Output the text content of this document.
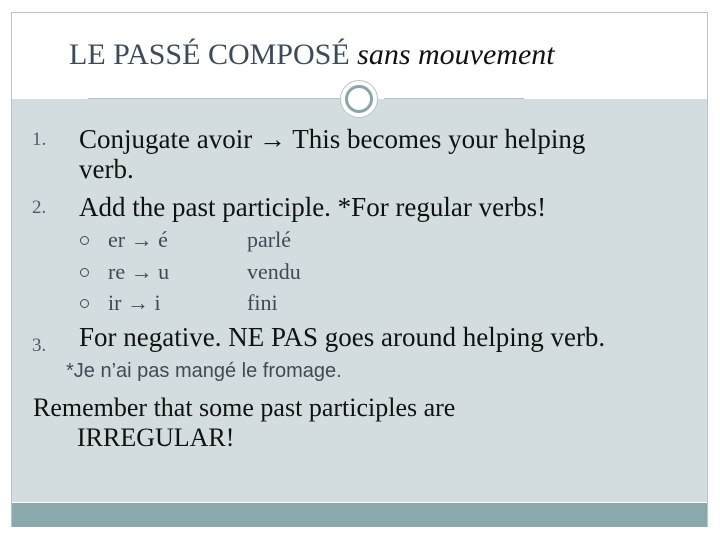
LE PASSÉ COMPOSÉ sans mouvement
1. Conjugate avoir → This becomes your helping
verb.
2. Add the past participle. *For regular verbs!
er → é	parlé
re → u	vendu
ir → i	fini
3. For negative. NE PAS goes around helping verb.
*Je n’ai pas mangé le fromage.
Remember that some past participles are
IRREGULAR!
